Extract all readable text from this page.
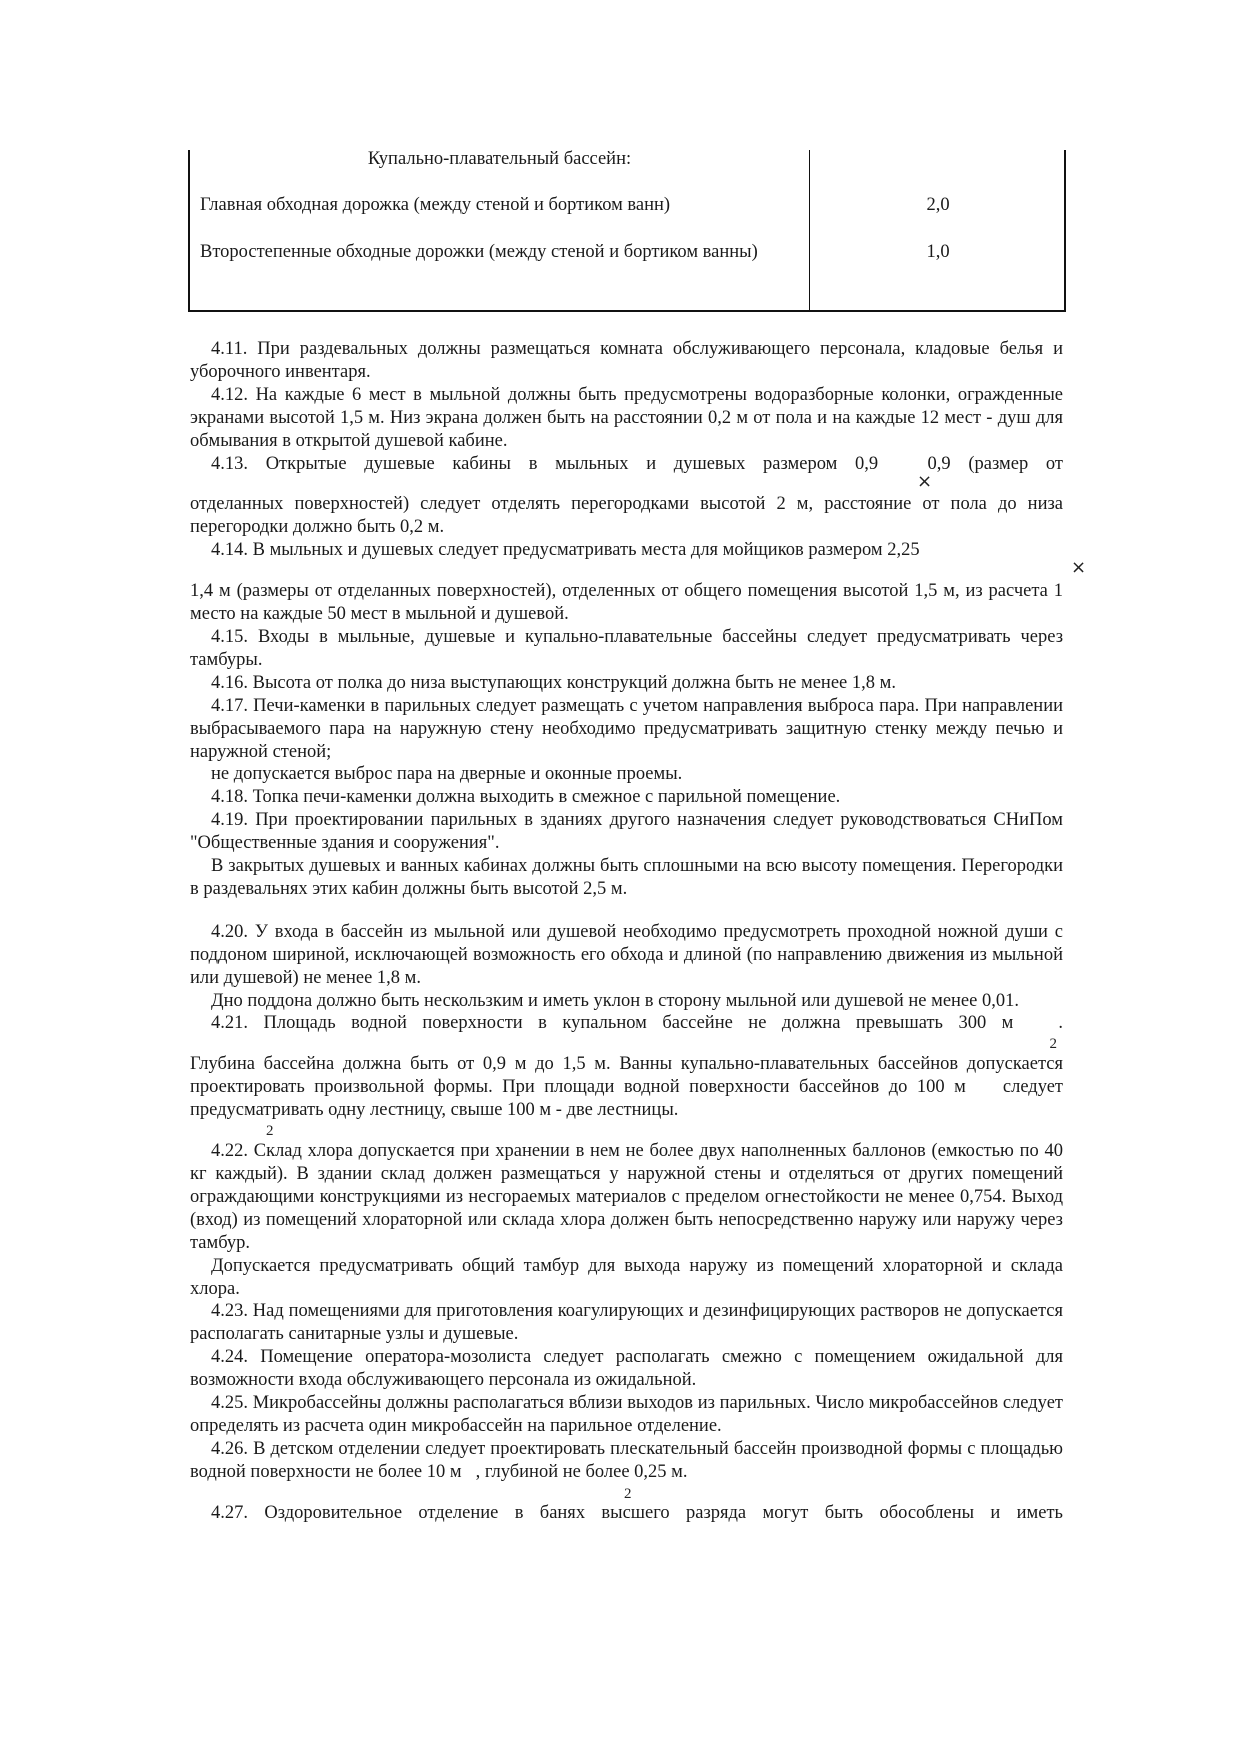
Купально-плавательный бассейн:
Главная обходная дорожка (между стеной и бортиком ванн)	2,0
Второстепенные обходные дорожки (между стеной и бортиком ванны)	1,0

4.11. При раздевальных должны размещаться комната обслуживающего персонала, кладовые белья и уборочного инвентаря.

4.12. На каждые 6 мест в мыльной должны быть предусмотрены водоразборные колонки, огражденные экранами высотой 1,5 м. Низ экрана должен быть на расстоянии 0,2 м от пола и на каждые 12 мест - душ для обмывания в открытой душевой кабине.

4.13. Открытые душевые кабины в мыльных и душевых размером 0,9	0,9 (размер от
×

отделанных поверхностей) следует отделять перегородками высотой 2 м, расстояние от пола до низа перегородки должно быть 0,2 м.

4.14. В мыльных и душевых следует предусматривать места для мойщиков размером 2,25
×

1,4 м (размеры от отделанных поверхностей), отделенных от общего помещения высотой 1,5 м, из расчета 1 место на каждые 50 мест в мыльной и душевой.

4.15. Входы в мыльные, душевые и купально-плавательные бассейны следует предусматривать через тамбуры.

4.16. Высота от полка до низа выступающих конструкций должна быть не менее 1,8 м.

4.17. Печи-каменки в парильных следует размещать с учетом направления выброса пара. При направлении выбрасываемого пара на наружную стену необходимо предусматривать защитную стенку между печью и наружной стеной;

не допускается выброс пара на дверные и оконные проемы.

4.18. Топка печи-каменки должна выходить в смежное с парильной помещение.

4.19. При проектировании парильных в зданиях другого назначения следует руководствоваться СНиПом "Общественные здания и сооружения".

В закрытых душевых и ванных кабинах должны быть сплошными на всю высоту помещения. Перегородки в раздевальнях этих кабин должны быть высотой 2,5 м.

4.20. У входа в бассейн из мыльной или душевой необходимо предусмотреть проходной ножной души с поддоном шириной, исключающей возможность его обхода и длиной (по направлению движения из мыльной или душевой) не менее 1,8 м.

Дно поддона должно быть нескользким и иметь уклон в сторону мыльной или душевой не менее 0,01.

4.21. Площадь водной поверхности в купальном бассейне не должна превышать 300 м .
2

Глубина бассейна должна быть от 0,9 м до 1,5 м. Ванны купально-плавательных бассейнов допускается проектировать произвольной формы. При площади водной поверхности бассейнов до 100 м следует предусматривать одну лестницу, свыше 100 м - две лестницы.
2

4.22. Склад хлора допускается при хранении в нем не более двух наполненных баллонов (емкостью по 40 кг каждый). В здании склад должен размещаться у наружной стены и отделяться от других помещений ограждающими конструкциями из несгораемых материалов с пределом огнестойкости не менее 0,754. Выход (вход) из помещений хлораторной или склада хлора должен быть непосредственно наружу или наружу через тамбур.

Допускается предусматривать общий тамбур для выхода наружу из помещений хлораторной и склада хлора.

4.23. Над помещениями для приготовления коагулирующих и дезинфицирующих растворов не допускается располагать санитарные узлы и душевые.

4.24. Помещение оператора-мозолиста следует располагать смежно с помещением ожидальной для возможности входа обслуживающего персонала из ожидальной.

4.25. Микробассейны должны располагаться вблизи выходов из парильных. Число микробассейнов следует определять из расчета один микробассейн на парильное отделение.

4.26. В детском отделении следует проектировать плескательный бассейн производной формы с площадью водной поверхности не более 10 м , глубиной не более 0,25 м.
2

4.27. Оздоровительное отделение в банях высшего разряда могут быть обособлены и иметь
